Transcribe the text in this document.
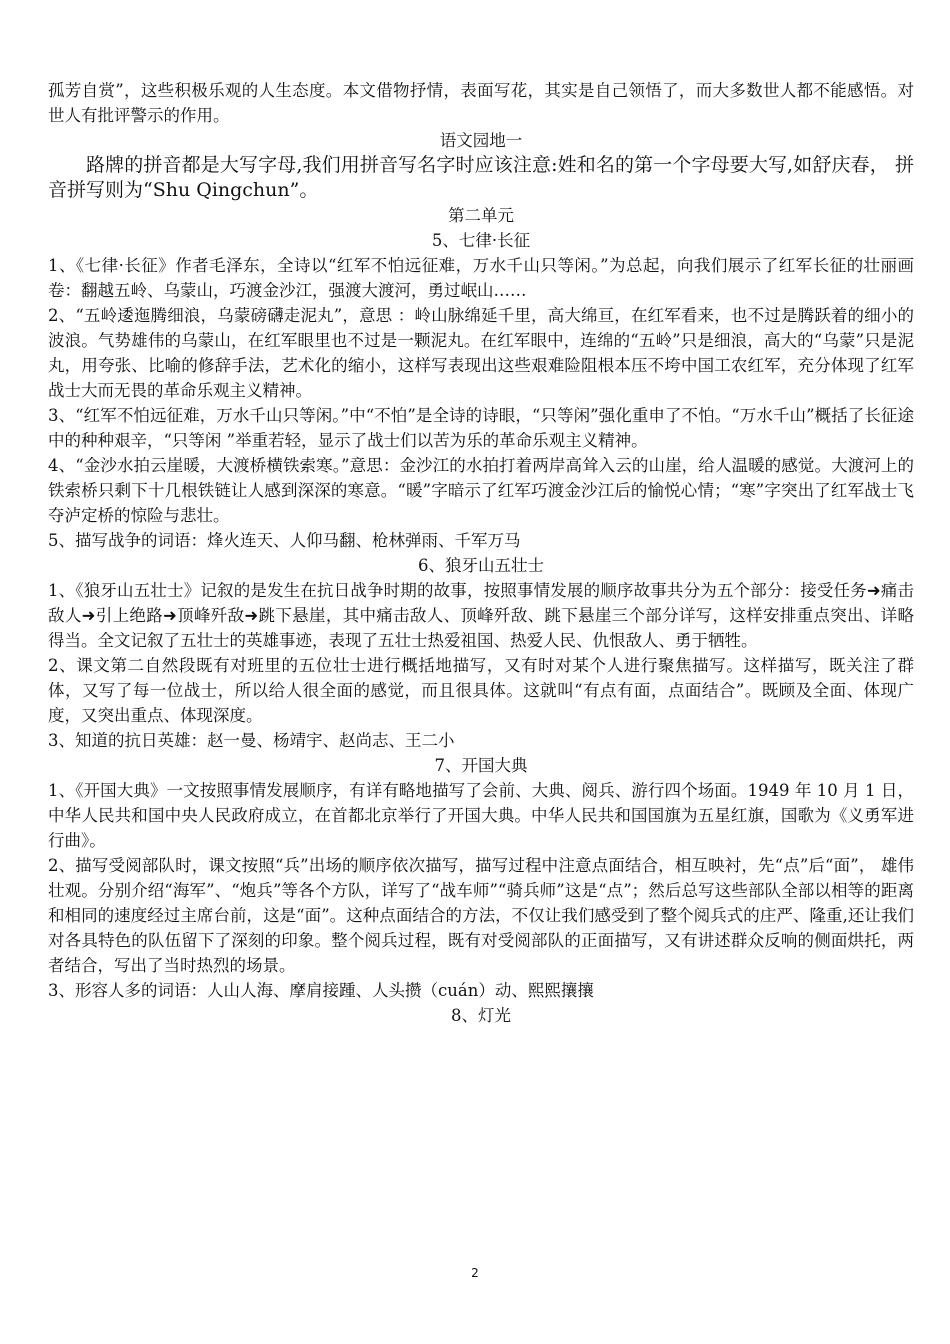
孤芳自赏”，这些积极乐观的人生态度。本文借物抒情，表面写花，其实是自己领悟了，而大多数世人都不能感悟。对世人有批评警示的作用。

语文园地一

路牌的拼音都是大写字母,我们用拼音写名字时应该注意:姓和名的第一个字母要大写,如舒庆春， 拼音拼写则为“Shu Qingchun”。

第二单元

5、七律·长征

1、《七律·长征》作者毛泽东，全诗以“红军不怕远征难，万水千山只等闲。”为总起，向我们展示了红军长征的壮丽画卷：翻越五岭、乌蒙山，巧渡金沙江，强渡大渡河，勇过岷山……

2、“五岭逶迤腾细浪，乌蒙磅礴走泥丸”，意思 ：岭山脉绵延千里，高大绵亘，在红军看来，也不过是腾跃着的细小的波浪。气势雄伟的乌蒙山，在红军眼里也不过是一颗泥丸。在红军眼中，连绵的“五岭”只是细浪，高大的“乌蒙”只是泥丸，用夸张、比喻的修辞手法，艺术化的缩小，这样写表现出这些艰难险阻根本压不垮中国工农红军，充分体现了红军战士大而无畏的革命乐观主义精神。

3、“红军不怕远征难，万水千山只等闲。”中“不怕”是全诗的诗眼，“只等闲”强化重申了不怕。“万水千山”概括了长征途中的种种艰辛，“只等闲 ”举重若轻，显示了战士们以苦为乐的革命乐观主义精神。

4、“金沙水拍云崖暖，大渡桥横铁索寒。”意思：金沙江的水拍打着两岸高耸入云的山崖，给人温暖的感觉。大渡河上的铁索桥只剩下十几根铁链让人感到深深的寒意。“暖”字暗示了红军巧渡金沙江后的愉悦心情；“寒”字突出了红军战士飞夺泸定桥的惊险与悲壮。

5、描写战争的词语：烽火连天、人仰马翻、枪林弹雨、千军万马

6、狼牙山五壮士

1、《狼牙山五壮士》记叙的是发生在抗日战争时期的故事，按照事情发展的顺序故事共分为五个部分：接受任务➜痛击敌人➜引上绝路➜顶峰歼敌➜跳下悬崖，其中痛击敌人、顶峰歼敌、跳下悬崖三个部分详写，这样安排重点突出、详略得当。全文记叙了五壮士的英雄事迹，表现了五壮士热爱祖国、热爱人民、仇恨敌人、勇于牺牲。

2、课文第二自然段既有对班里的五位壮士进行概括地描写，又有时对某个人进行聚焦描写。这样描写，既关注了群体，又写了每一位战士，所以给人很全面的感觉，而且很具体。这就叫“有点有面，点面结合”。既顾及全面、体现广度，又突出重点、体现深度。

3、知道的抗日英雄：赵一曼、杨靖宇、赵尚志、王二小

7、开国大典

1、《开国大典》一文按照事情发展顺序，有详有略地描写了会前、大典、阅兵、游行四个场面。1949 年 10 月 1 日，中华人民共和国中央人民政府成立，在首都北京举行了开国大典。中华人民共和国国旗为五星红旗，国歌为《义勇军进行曲》。

2、描写受阅部队时，课文按照“兵”出场的顺序依次描写，描写过程中注意点面结合，相互映衬，先“点”后“面”， 雄伟壮观。分别介绍“海军”、“炮兵”等各个方队，详写了“战车师”“骑兵师”这是“点”；然后总写这些部队全部以相等的距离和相同的速度经过主席台前，这是“面”。这种点面结合的方法，不仅让我们感受到了整个阅兵式的庄严、隆重,还让我们对各具特色的队伍留下了深刻的印象。整个阅兵过程，既有对受阅部队的正面描写，又有讲述群众反响的侧面烘托，两者结合，写出了当时热烈的场景。

3、形容人多的词语：人山人海、摩肩接踵、人头攒（cuán）动、熙熙攘攘

8、灯光

2
